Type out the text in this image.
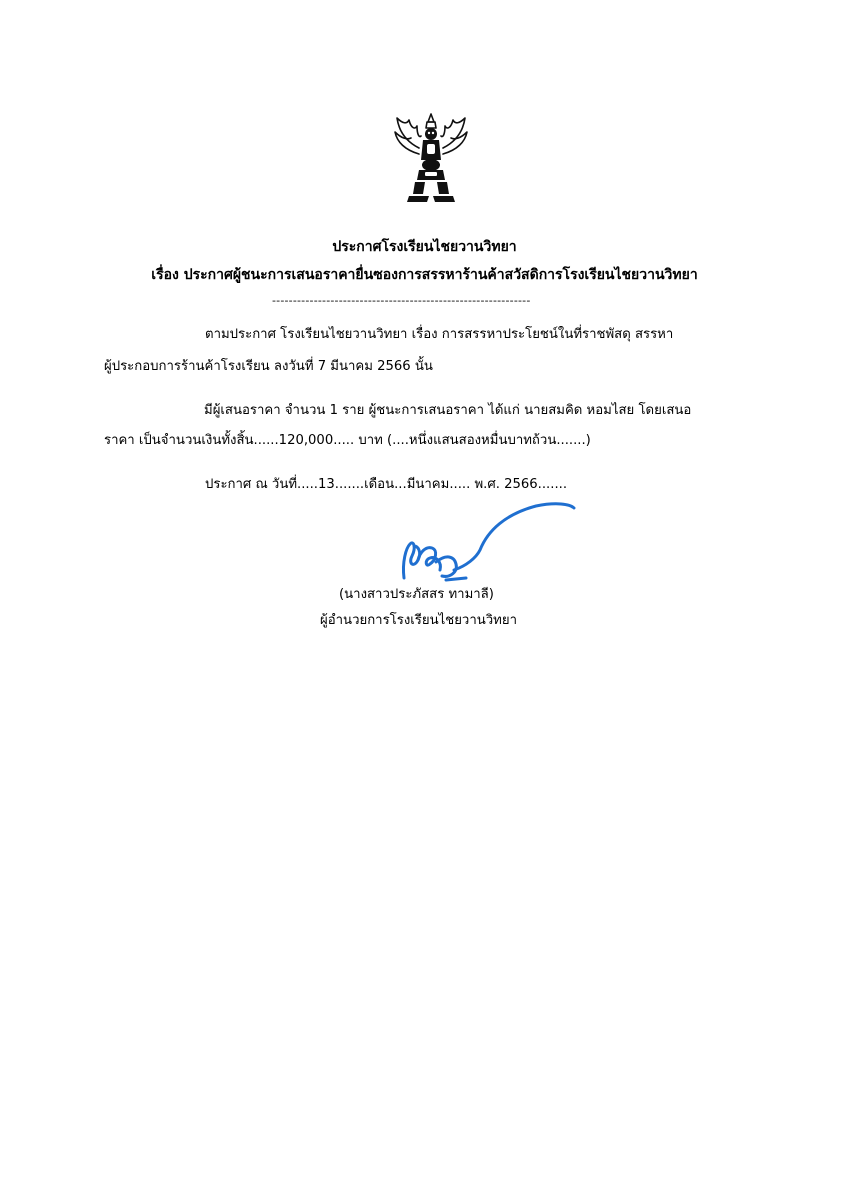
ประกาศโรงเรียนไชยวานวิทยา
เรื่อง ประกาศผู้ชนะการเสนอราคายื่นซองการสรรหาร้านค้าสวัสดิการโรงเรียนไชยวานวิทยา
--------------------------------------------------------------
ตามประกาศ โรงเรียนไชยวานวิทยา เรื่อง การสรรหาประโยชน์ในที่ราชพัสดุ สรรหา
ผู้ประกอบการร้านค้าโรงเรียน ลงวันที่ 7 มีนาคม 2566 นั้น
มีผู้เสนอราคา จำนวน 1 ราย ผู้ชนะการเสนอราคา ได้แก่ นายสมคิด หอมไสย โดยเสนอ
ราคา เป็นจำนวนเงินทั้งสิ้น......120,000..... บาท (....หนึ่งแสนสองหมื่นบาทถ้วน.......)
ประกาศ ณ วันที่.....13.......เดือน...มีนาคม..... พ.ศ. 2566.......
(นางสาวประภัสสร ทามาลี)
ผู้อำนวยการโรงเรียนไชยวานวิทยา
